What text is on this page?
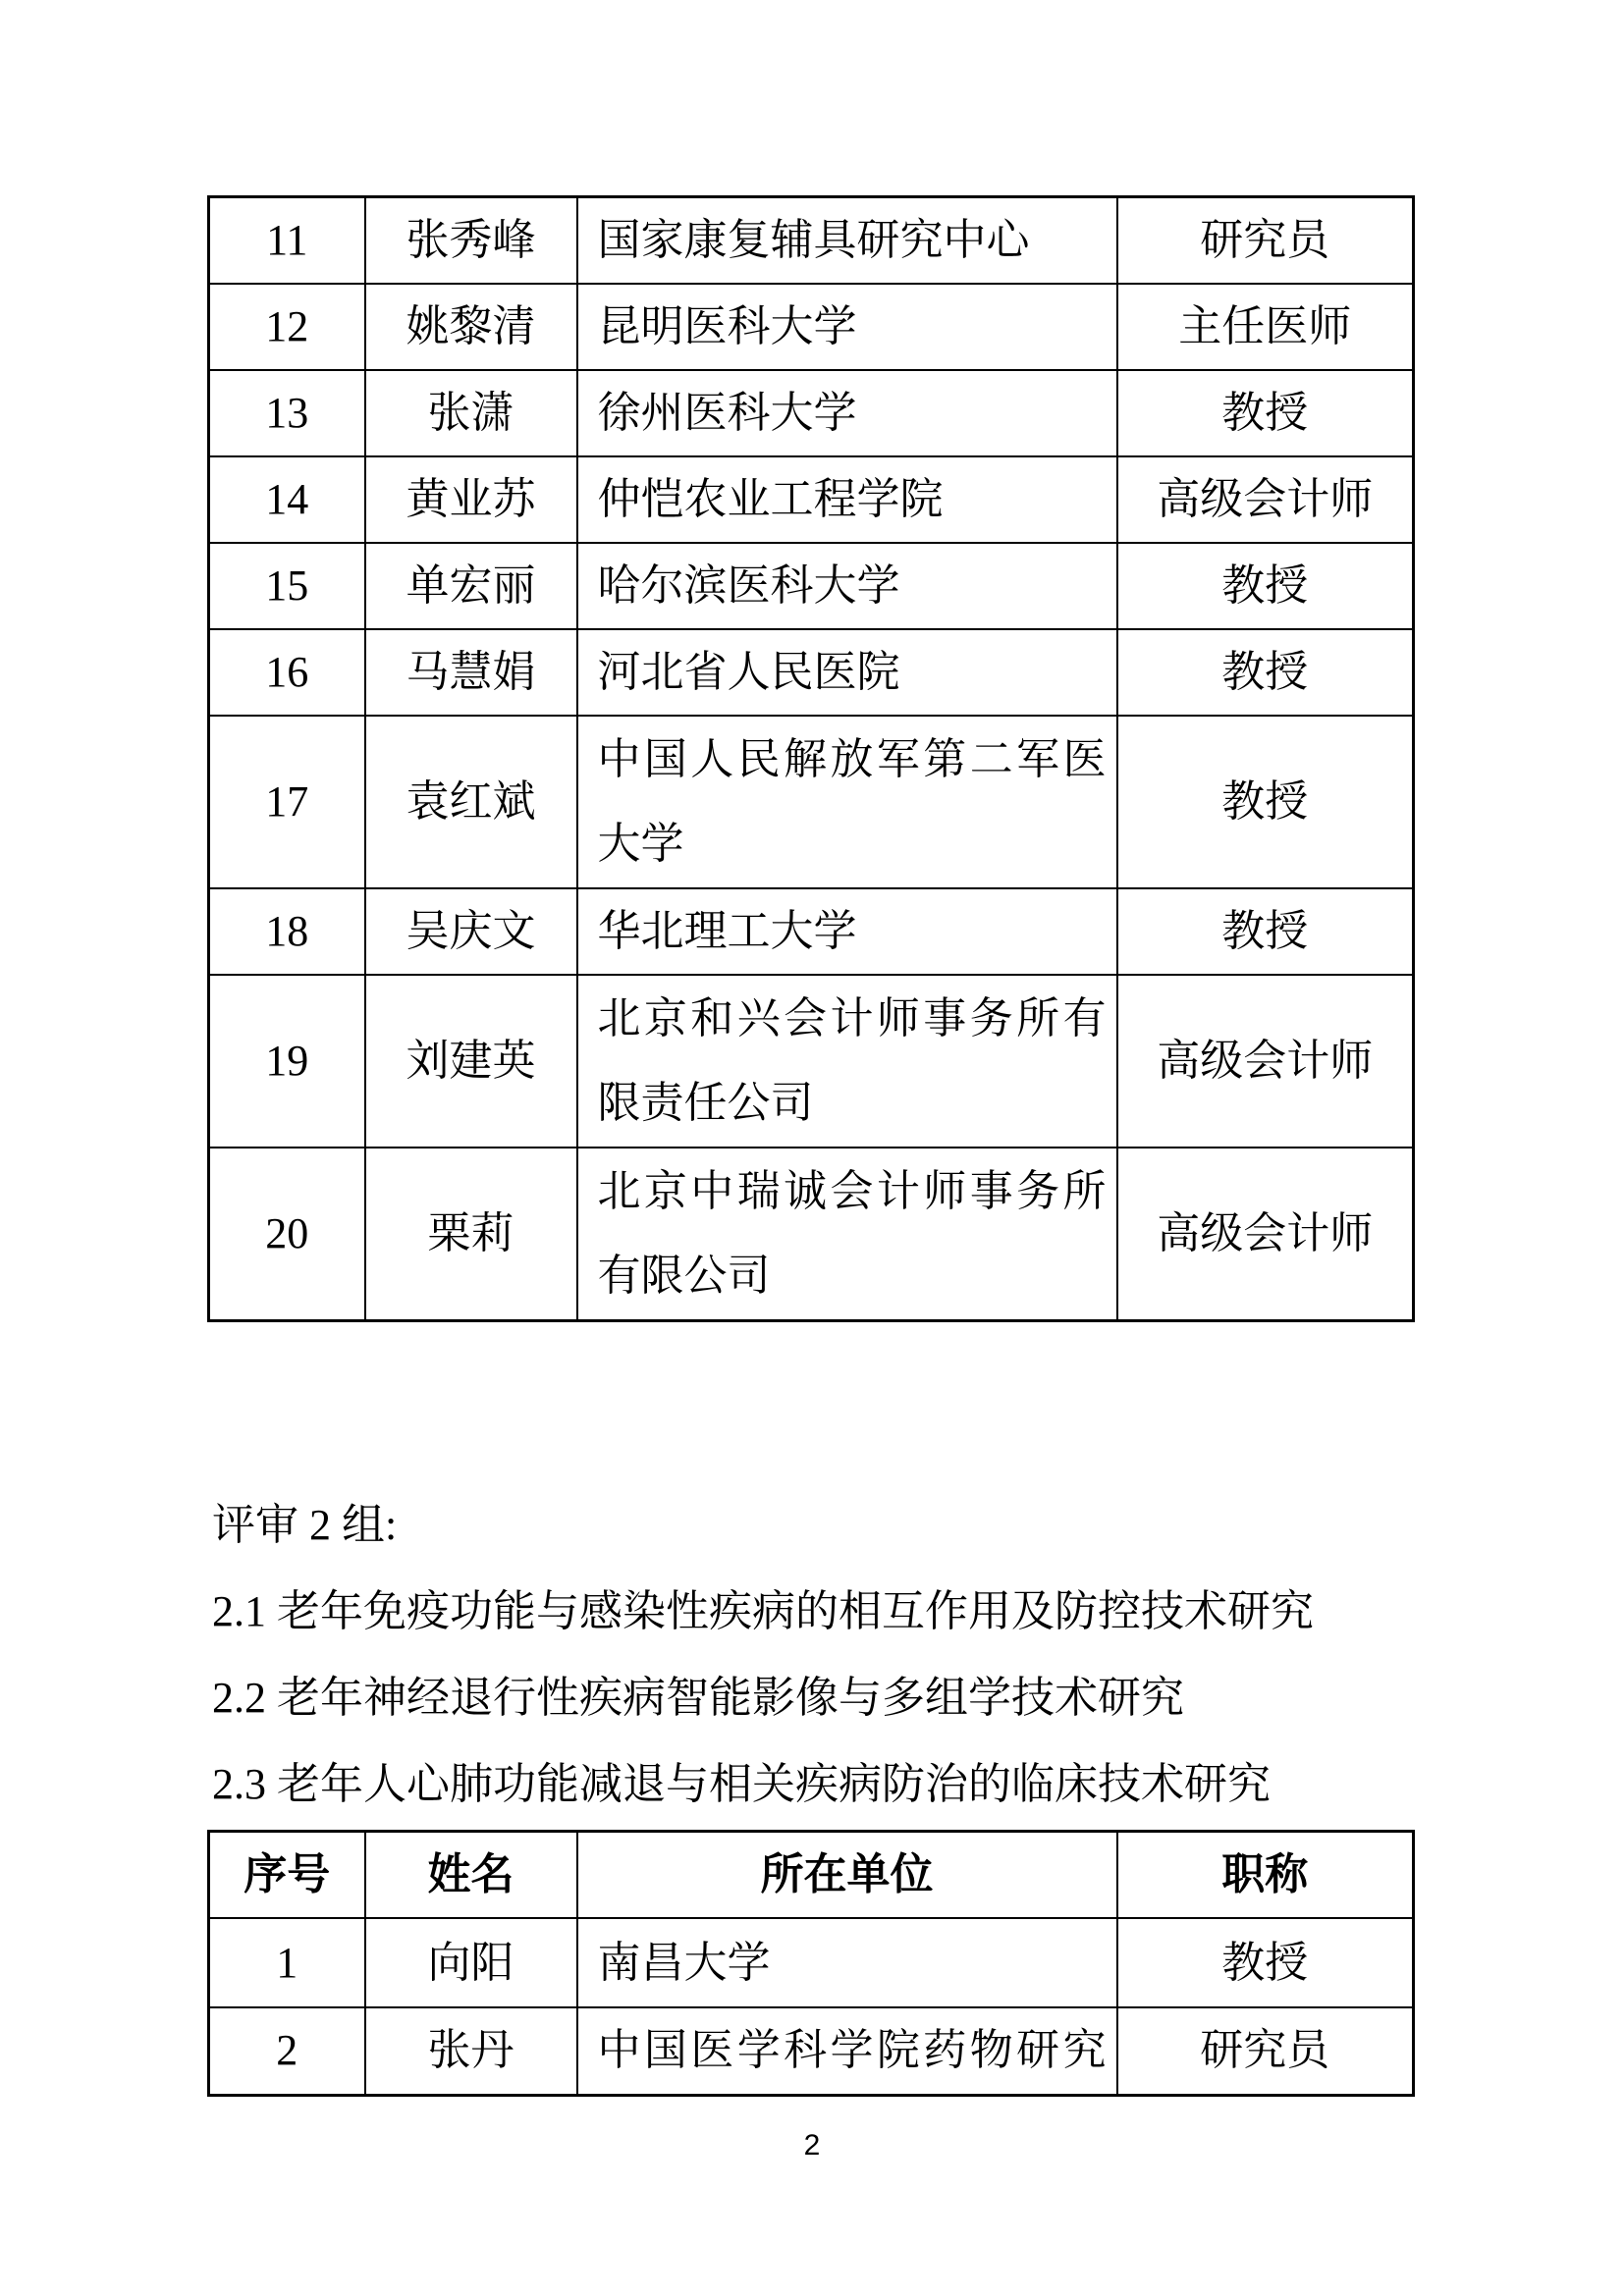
11	张秀峰	国家康复辅具研究中心	研究员
12	姚黎清	昆明医科大学	主任医师
13	张潇	徐州医科大学	教授
14	黄业苏	仲恺农业工程学院	高级会计师
15	单宏丽	哈尔滨医科大学	教授
16	马慧娟	河北省人民医院	教授
17	袁红斌	中国人民解放军第二军医大学	教授
18	吴庆文	华北理工大学	教授
19	刘建英	北京和兴会计师事务所有限责任公司	高级会计师
20	栗莉	北京中瑞诚会计师事务所有限公司	高级会计师

评审 2 组:

2.1 老年免疫功能与感染性疾病的相互作用及防控技术研究

2.2 老年神经退行性疾病智能影像与多组学技术研究

2.3 老年人心肺功能减退与相关疾病防治的临床技术研究

序号	姓名	所在单位	职称
1	向阳	南昌大学	教授
2	张丹	中国医学科学院药物研究	研究员
2
